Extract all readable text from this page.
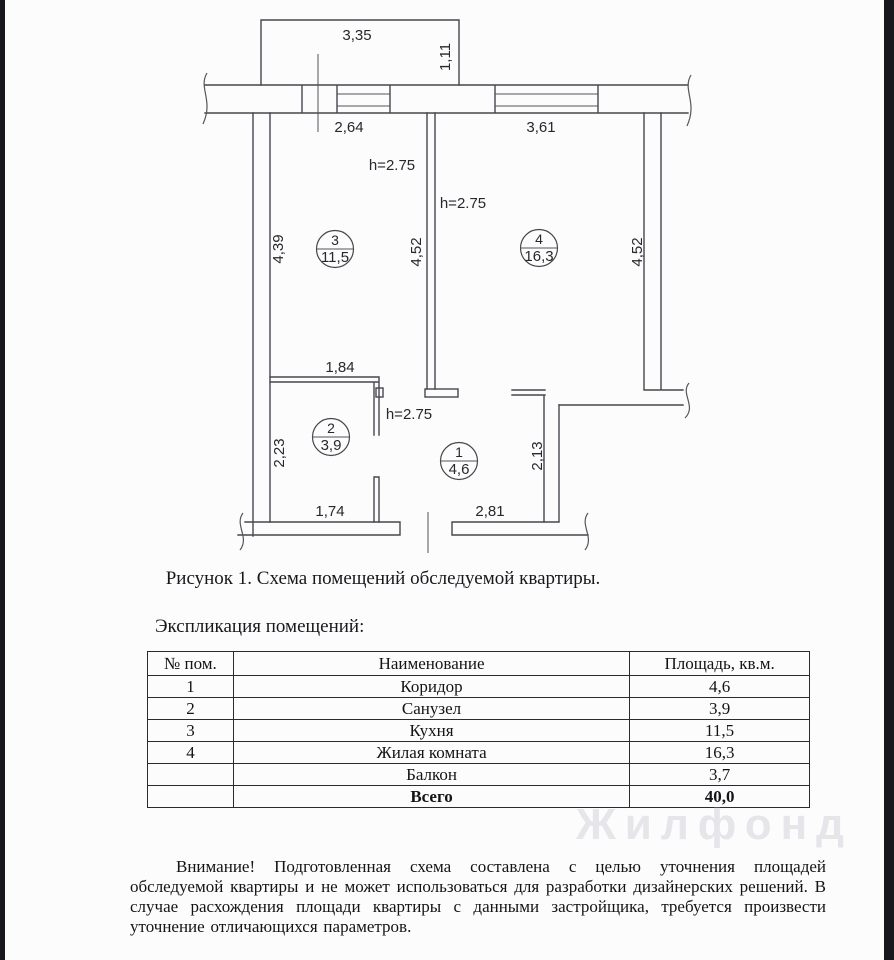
3,35
2,64	3,61
h=2.75
h=2.75
h=2.75
1,84
1,74	2,81
1,11
4,39	4,52	4,52
2,23	2,13
3
11,5
4
16,3
2
3,9	1
4,6
Рисунок 1. Схема помещений обследуемой квартиры.
Экспликация помещений:
№ пом.	Наименование	Площадь, кв.м.
1	Коридор	4,6
2	Санузел	3,9
3	Кухня	11,5
4	Жилая комната	16,3
	Балкон	3,7
	Всего	40,0
Жилфонд

Внимание! Подготовленная схема составлена с целью уточнения площадей обследуемой квартиры и не может использоваться для разработки дизайнерских решений. В случае расхождения площади квартиры с данными застройщика, требуется произвести уточнение отличающихся параметров.
